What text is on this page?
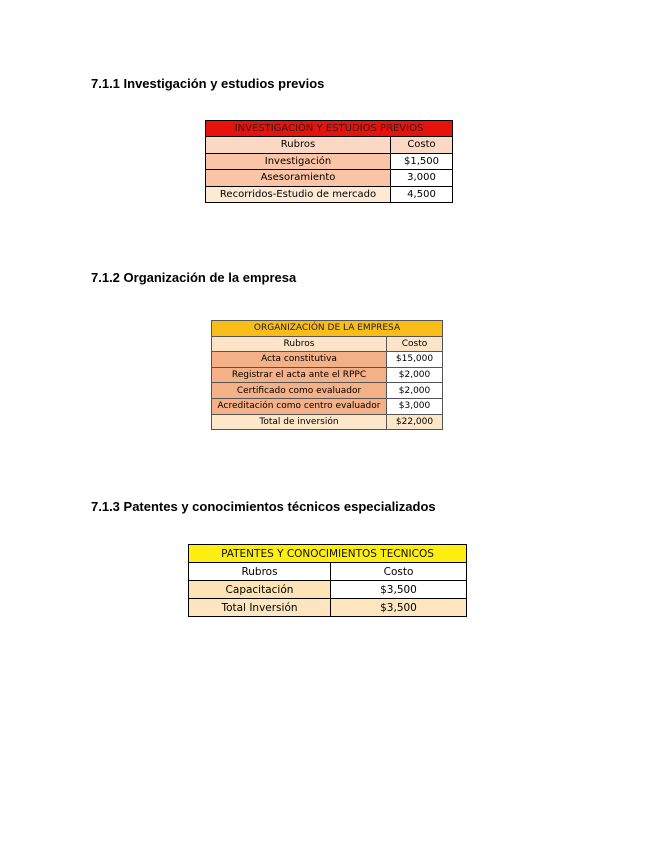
7.1.1 Investigación y estudios previos

INVESTIGACIÓN Y ESTUDIOS PREVIOS	
Rubros	Costo
Investigación	$1,500
Asesoramiento	3,000
Recorridos-Estudio de mercado	4,500

7.1.2 Organización de la empresa

ORGANIZACIÓN DE LA EMPRESA	
Rubros	Costo
Acta constitutiva	$15,000
Registrar el acta ante el RPPC	$2,000
Certificado como evaluador	$2,000
Acreditación como centro evaluador	$3,000
Total de inversión	$22,000

7.1.3 Patentes y conocimientos técnicos especializados

PATENTES Y CONOCIMIENTOS TECNICOS	
Rubros	Costo
Capacitación	$3,500
Total Inversión	$3,500
